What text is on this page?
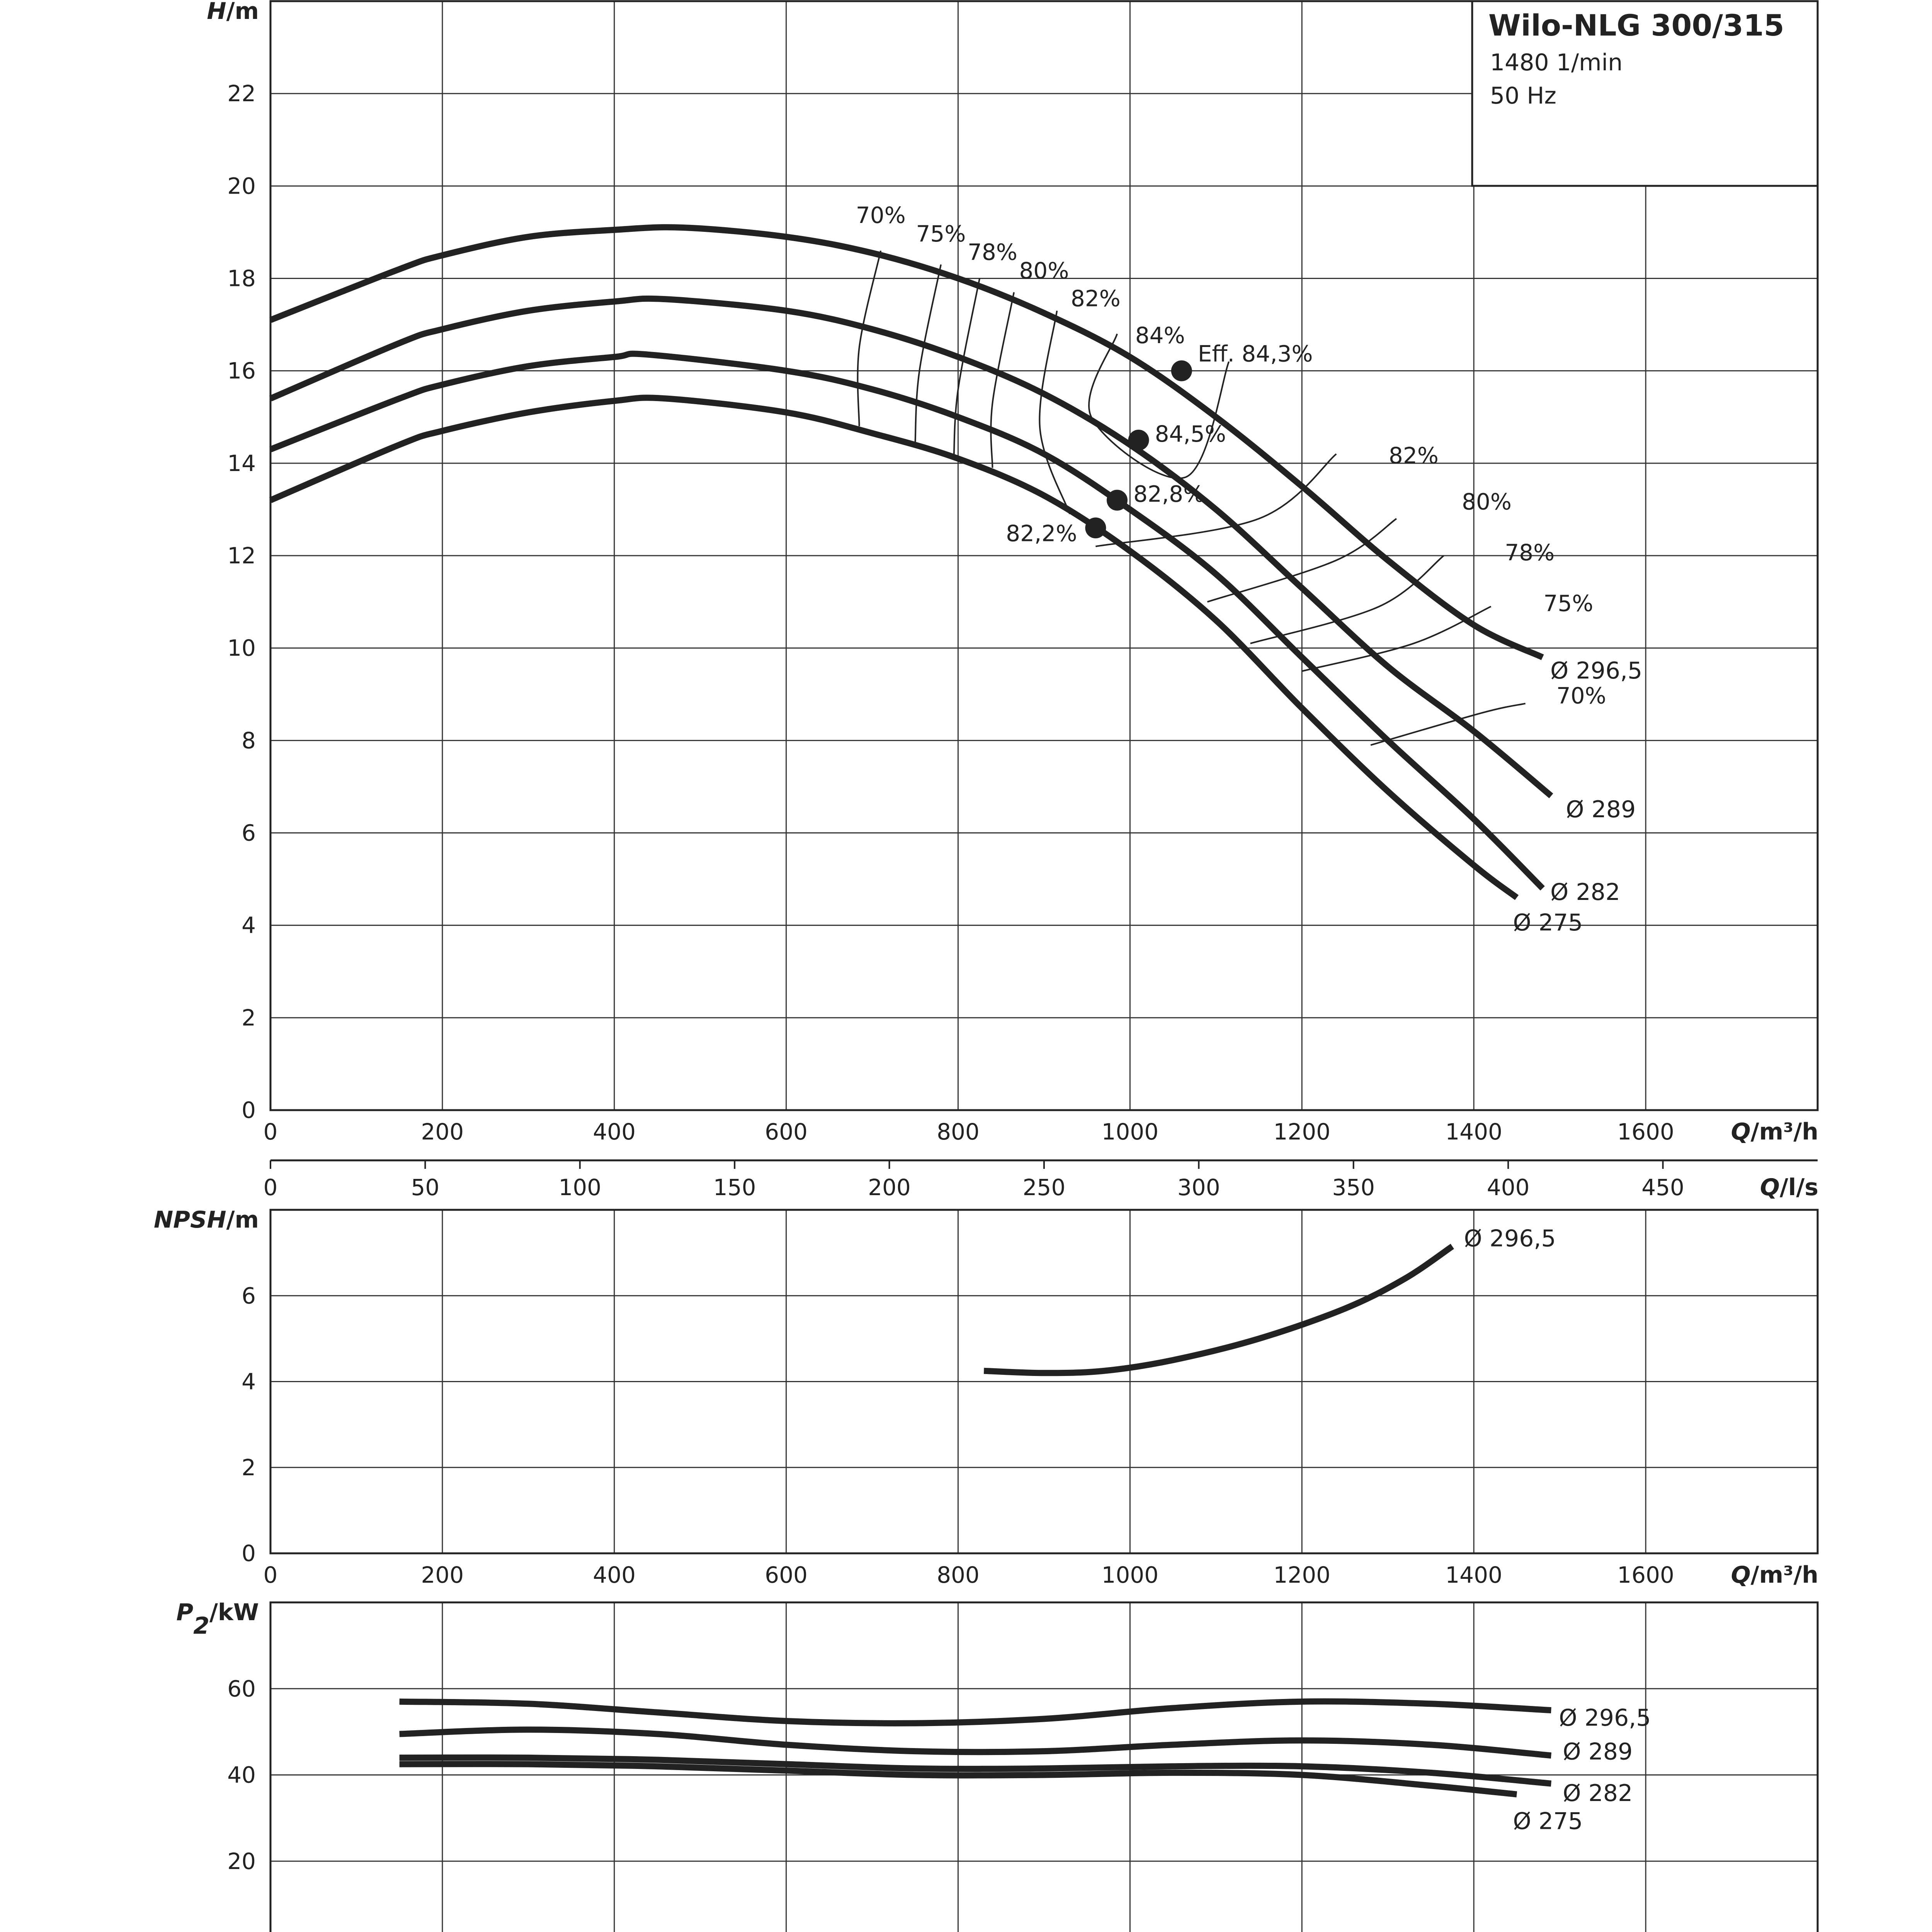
0	200	400	600	800	1000	1200	1400	1600
0
2
4
6
8
10
12
14
16
18
20
22
Q/m³/h
H/m
Ø 296,5
Ø 289
Ø 282
Ø 275
Eff. 84,3%
84,5%
82,8%
82,2%
70%
75%
78%
80%
82%
84%
82%
80%
78%
75%
70%
0	50	100	150	200	250	300	350	400	450	Q/l/s
0	200	400	600	800	1000	1200	1400	1600
0
2
4
6
Q/m³/h
NPSH/m
Ø 296,5
20
40
60
$P_2/kW$
Ø 296,5
Ø 289
Ø 282
Ø 275
Wilo-NLG 300/315
1480 1/min
50 Hz
